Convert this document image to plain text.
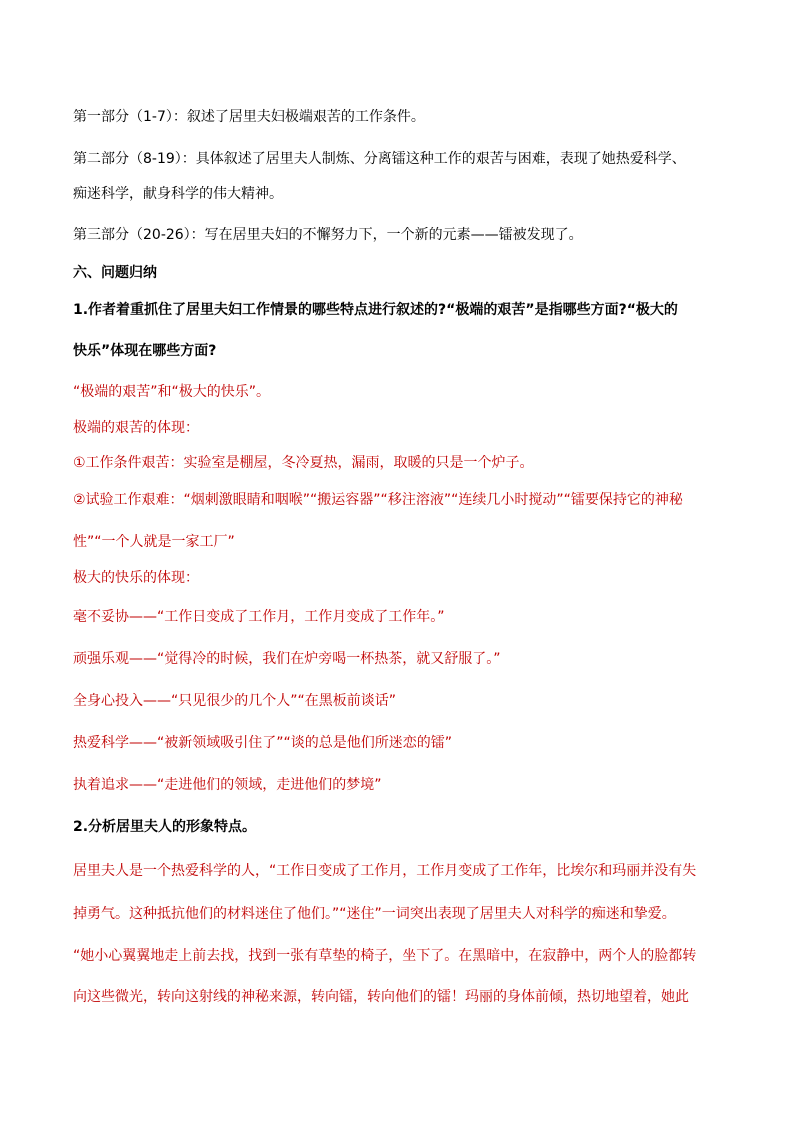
第一部分（1-7）：叙述了居里夫妇极端艰苦的工作条件。
第二部分（8-19）：具体叙述了居里夫人制炼、分离镭这种工作的艰苦与困难，表现了她热爱科学、
痴迷科学，献身科学的伟大精神。
第三部分（20-26）：写在居里夫妇的不懈努力下，一个新的元素——镭被发现了。
六、问题归纳
1.作者着重抓住了居里夫妇工作情景的哪些特点进行叙述的?“极端的艰苦”是指哪些方面?“极大的
快乐”体现在哪些方面?
“极端的艰苦”和“极大的快乐”。
极端的艰苦的体现：
①工作条件艰苦：实验室是棚屋，冬冷夏热，漏雨，取暖的只是一个炉子。
②试验工作艰难：“烟刺激眼睛和咽喉”“搬运容器”“移注溶液”“连续几小时搅动”“镭要保持它的神秘
性”“一个人就是一家工厂”
极大的快乐的体现：
毫不妥协——“工作日变成了工作月，工作月变成了工作年。”
顽强乐观——“觉得冷的时候，我们在炉旁喝一杯热茶，就又舒服了。”
全身心投入——“只见很少的几个人”“在黑板前谈话”
热爱科学——“被新领域吸引住了”“谈的总是他们所迷恋的镭”
执着追求——“走进他们的领域，走进他们的梦境”
2.分析居里夫人的形象特点。
居里夫人是一个热爱科学的人，“工作日变成了工作月，工作月变成了工作年，比埃尔和玛丽并没有失
掉勇气。这种抵抗他们的材料迷住了他们。”“迷住”一词突出表现了居里夫人对科学的痴迷和挚爱。
“她小心翼翼地走上前去找，找到一张有草垫的椅子，坐下了。在黑暗中，在寂静中，两个人的脸都转
向这些微光，转向这射线的神秘来源，转向镭，转向他们的镭！玛丽的身体前倾，热切地望着，她此
